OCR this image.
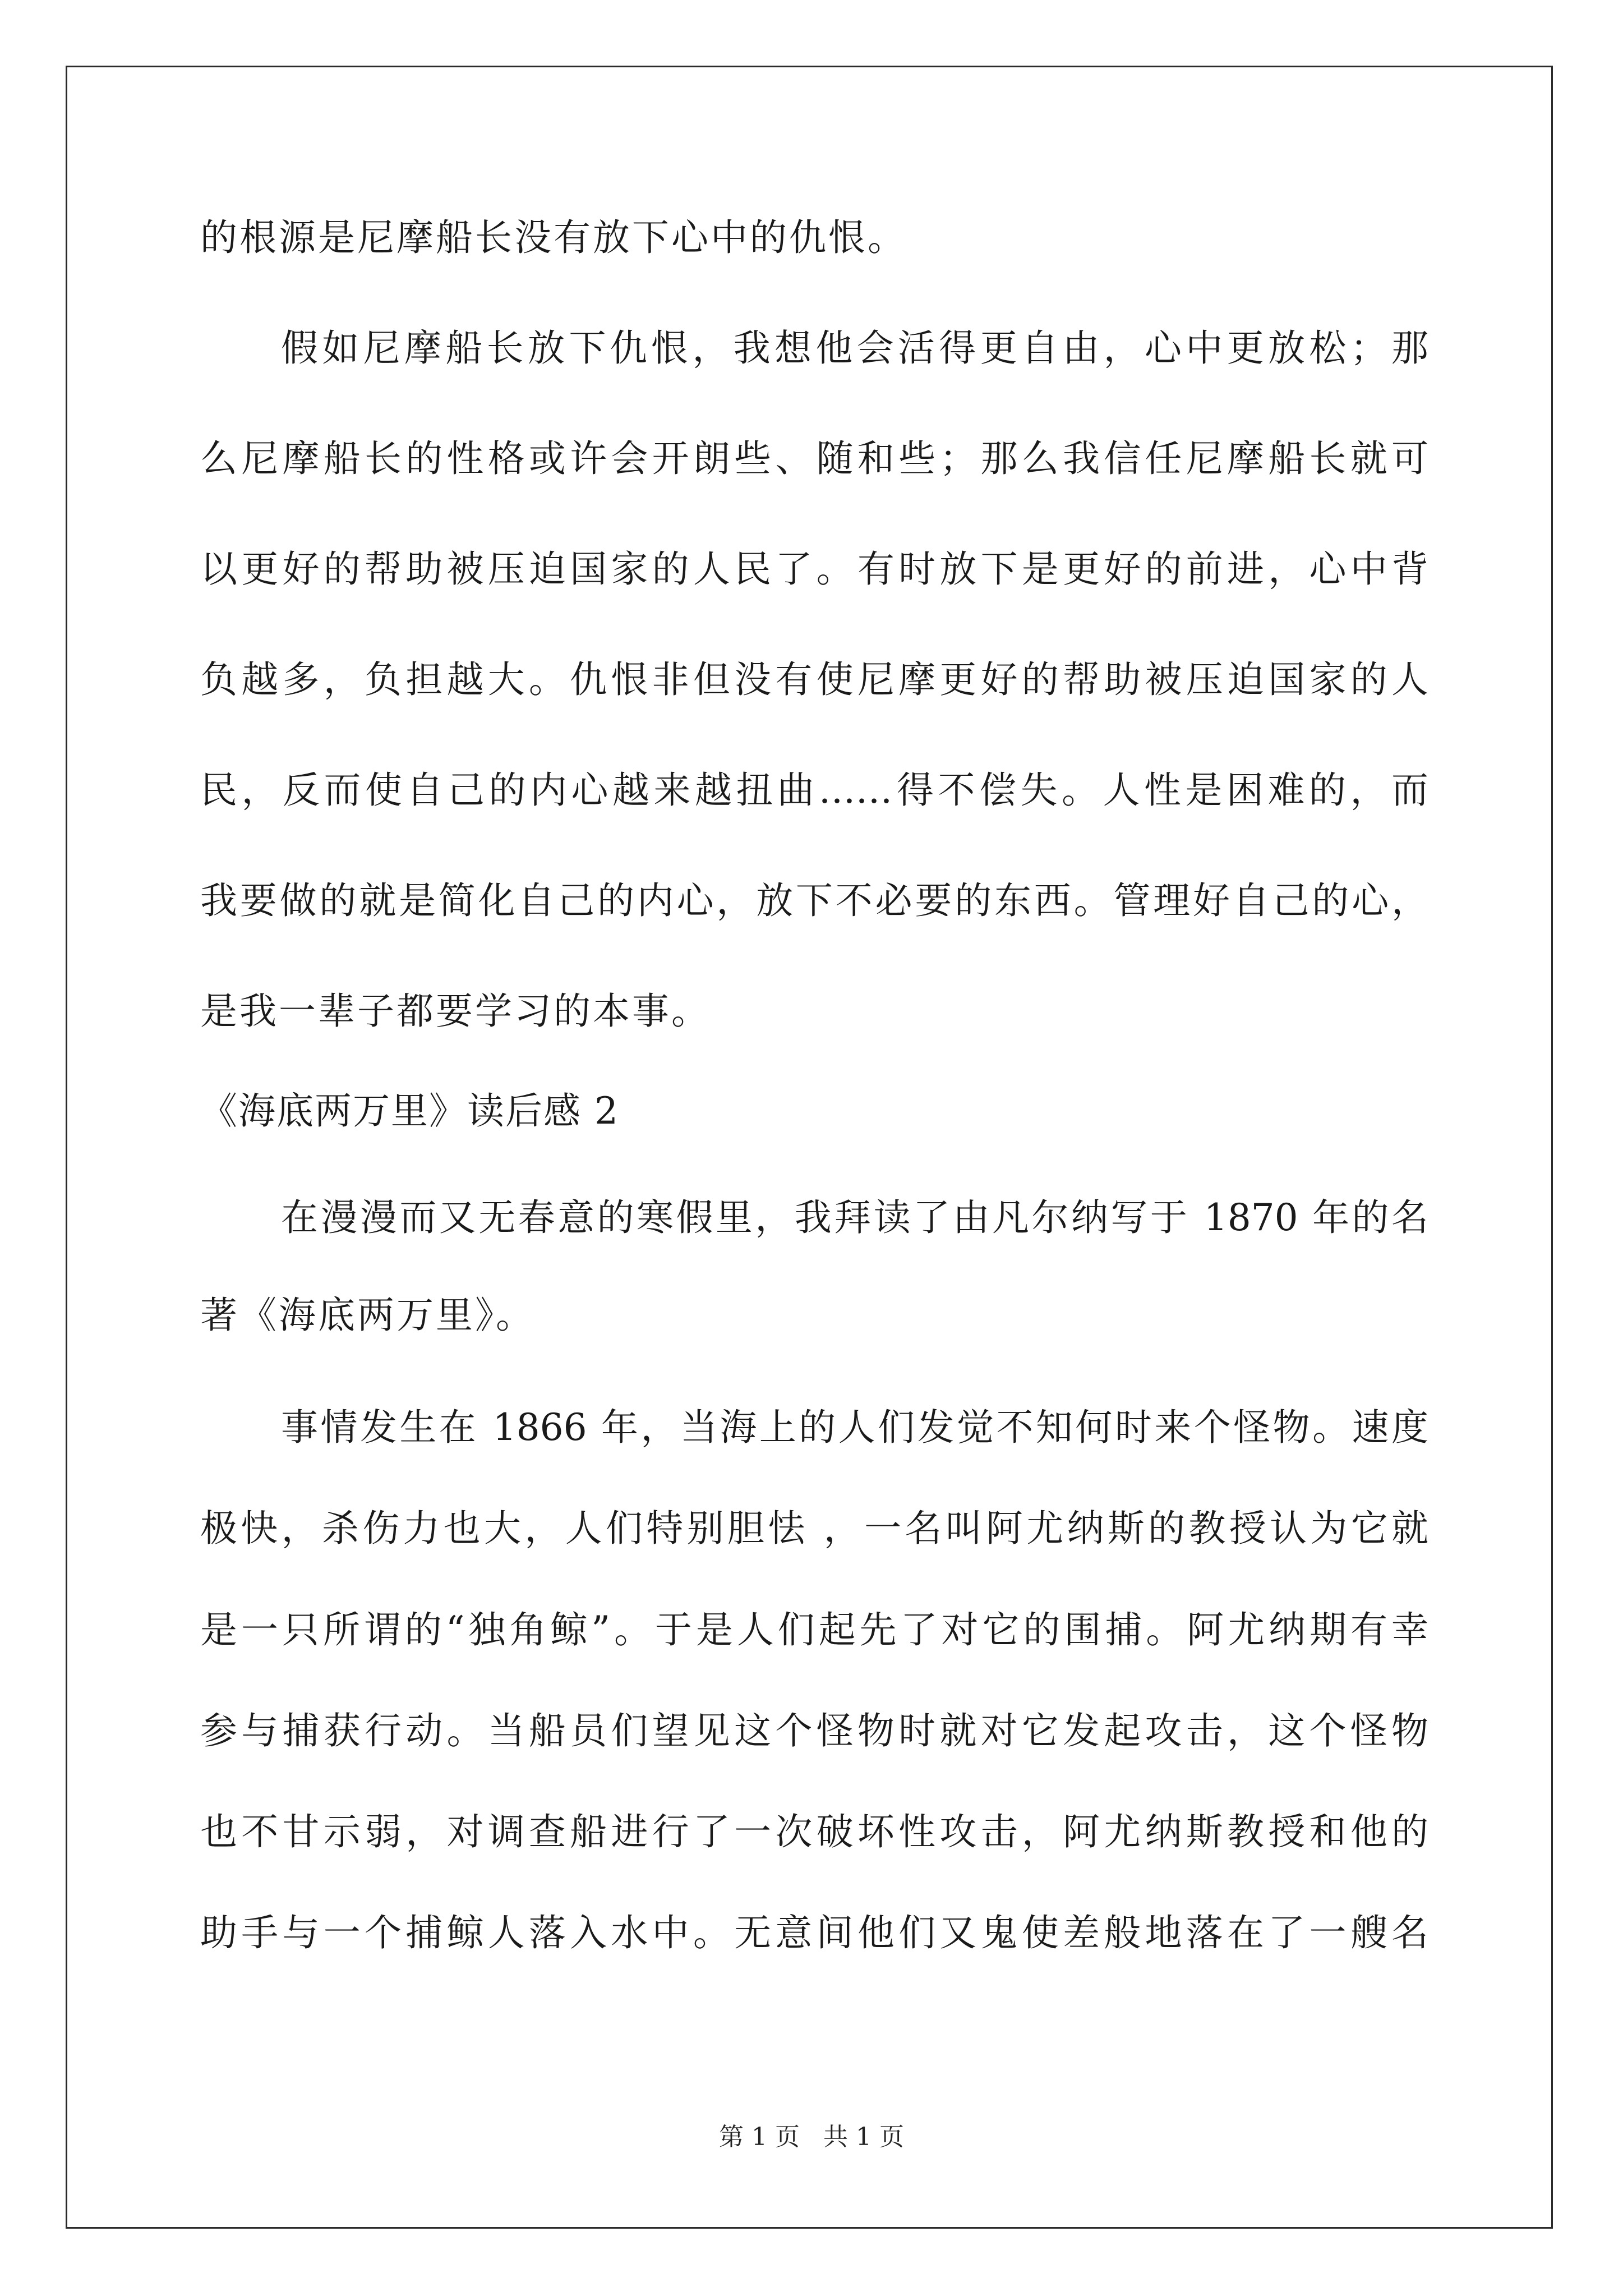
的根源是尼摩船长没有放下心中的仇恨。
假如尼摩船长放下仇恨，我想他会活得更自由，心中更放松；那
么尼摩船长的性格或许会开朗些、随和些；那么我信任尼摩船长就可
以更好的帮助被压迫国家的人民了。有时放下是更好的前进，心中背
负越多，负担越大。仇恨非但没有使尼摩更好的帮助被压迫国家的人
民，反而使自己的内心越来越扭曲……得不偿失。人性是困难的，而
我要做的就是简化自己的内心，放下不必要的东西。管理好自己的心，
是我一辈子都要学习的本事。
《海底两万里》读后感 2
在漫漫而又无春意的寒假里，我拜读了由凡尔纳写于 1870 年的名
著《海底两万里》。
事情发生在 1866 年，当海上的人们发觉不知何时来个怪物。速度
极快，杀伤力也大，人们特别胆怯 ，一名叫阿尤纳斯的教授认为它就
是一只所谓的“独角鲸”。于是人们起先了对它的围捕。阿尤纳期有幸
参与捕获行动。当船员们望见这个怪物时就对它发起攻击，这个怪物
也不甘示弱，对调查船进行了一次破坏性攻击，阿尤纳斯教授和他的
助手与一个捕鲸人落入水中。无意间他们又鬼使差般地落在了一艘名
第 1 页 共 1 页
